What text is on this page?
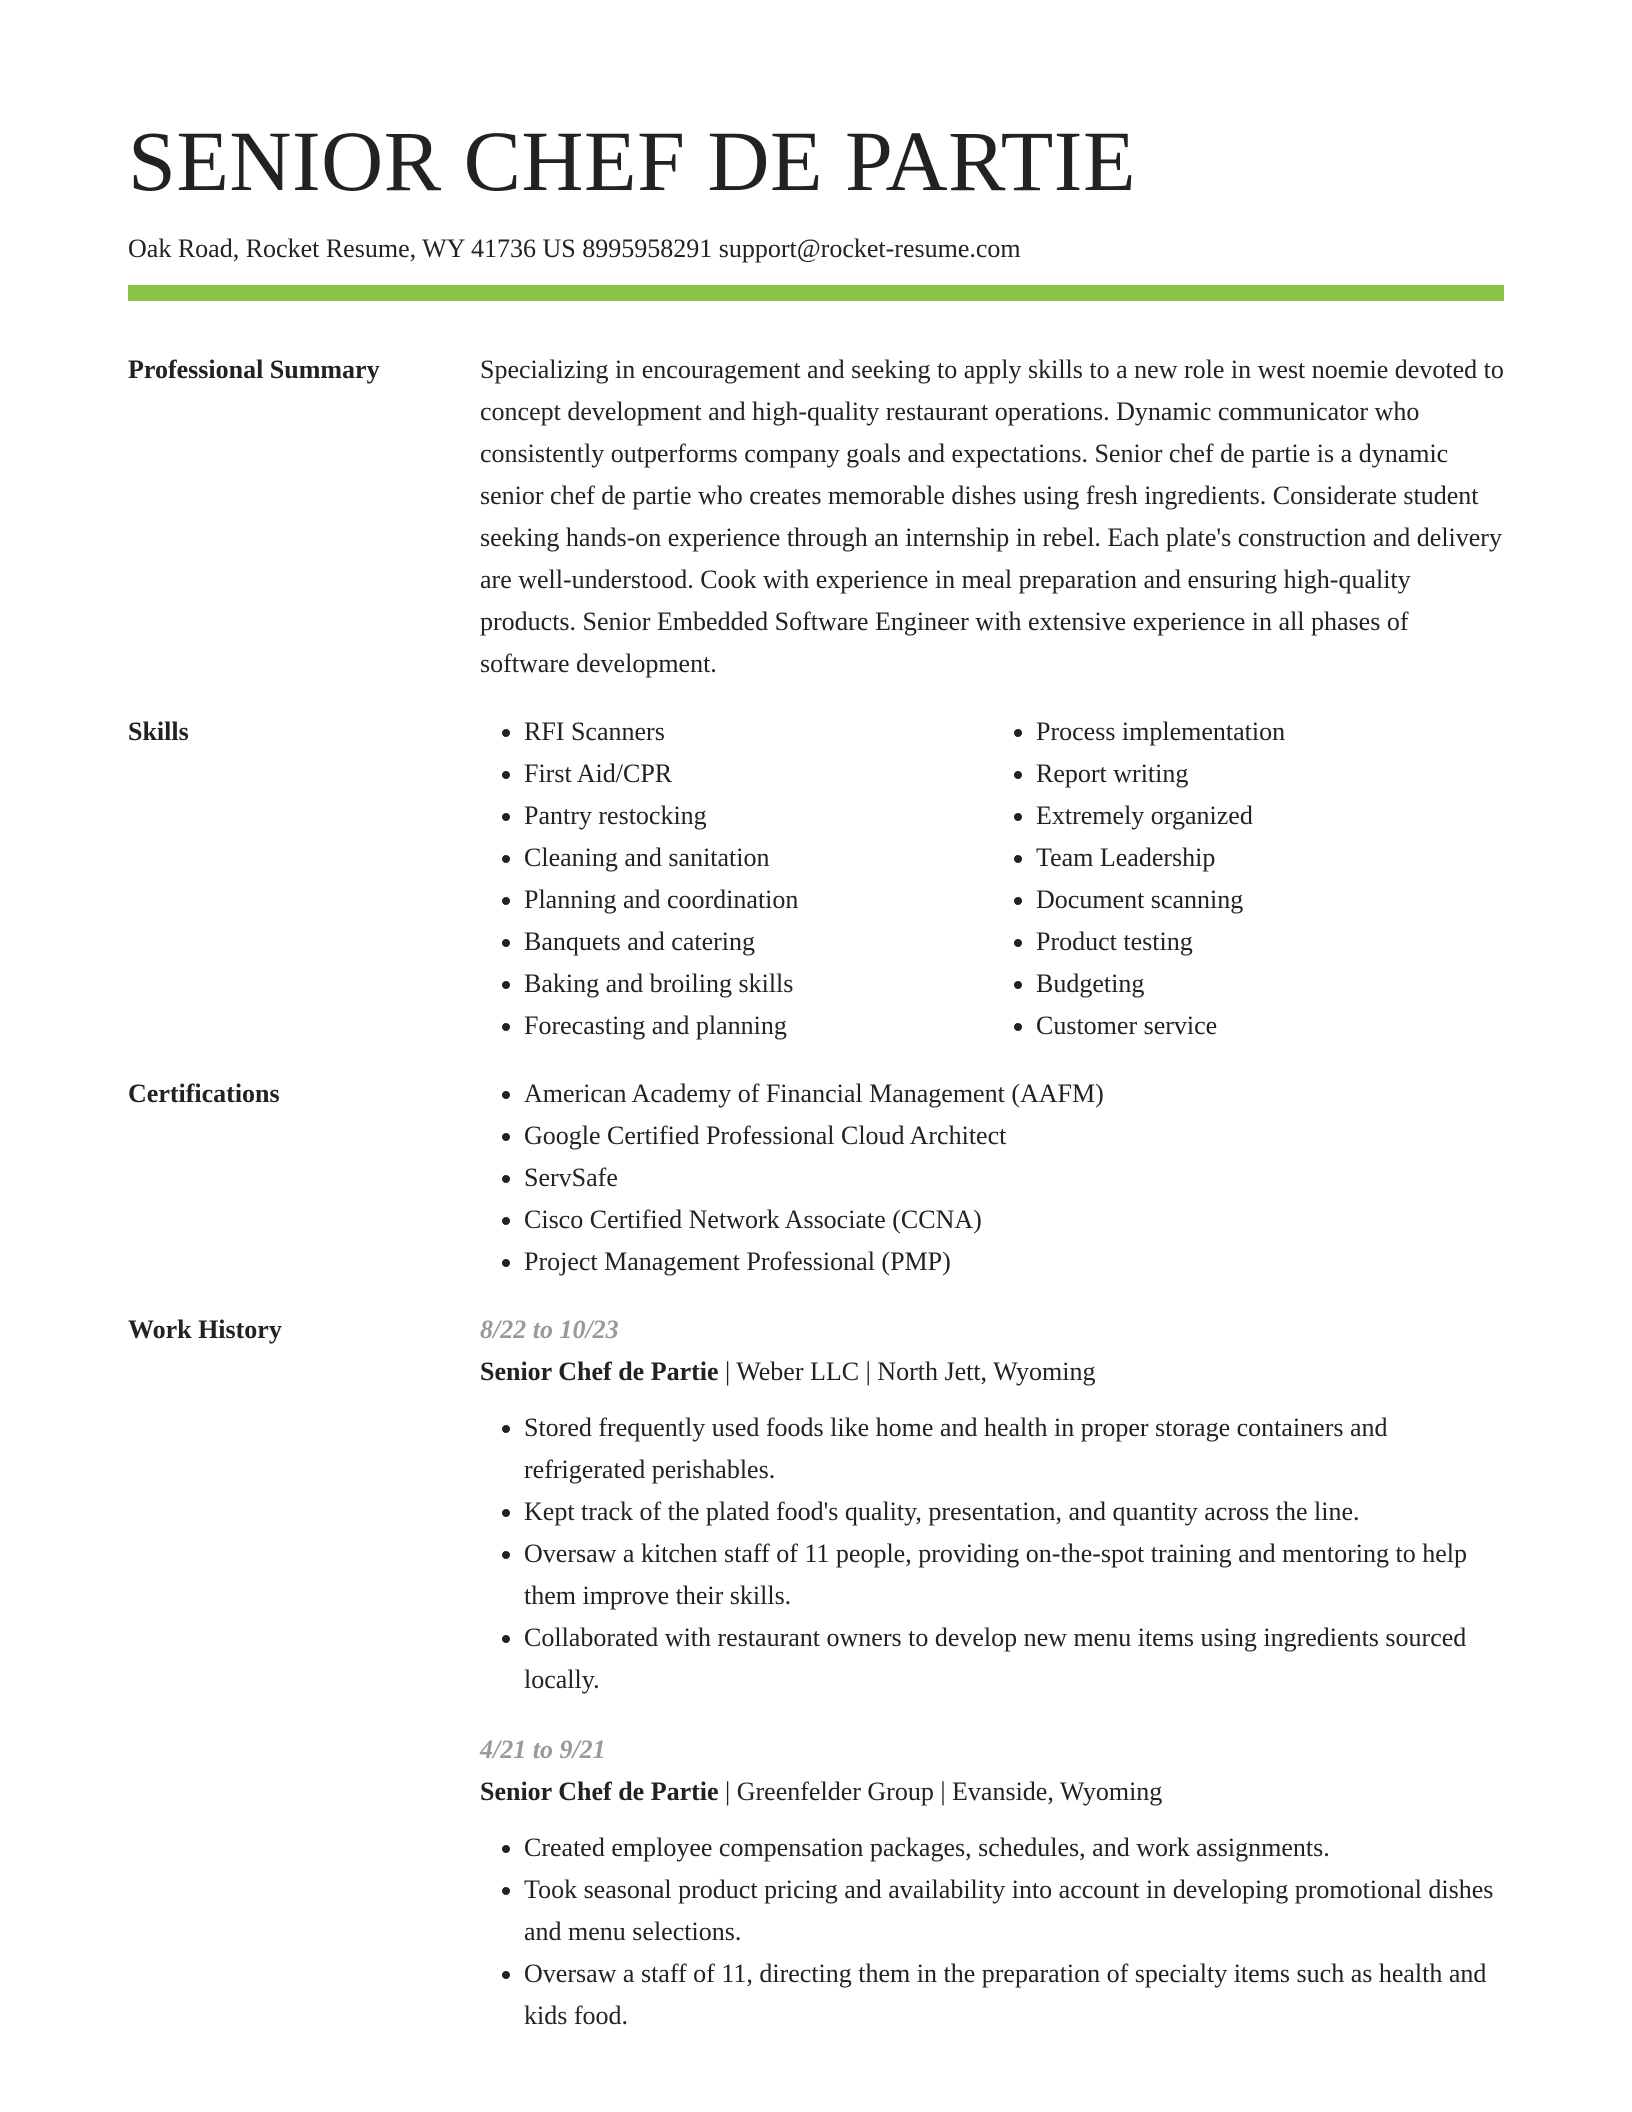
SENIOR CHEF DE PARTIE
Oak Road, Rocket Resume, WY 41736 US 8995958291 support@rocket-resume.com
Professional Summary	Specializing in encouragement and seeking to apply skills to a new role in west noemie devoted to concept development and high-quality restaurant operations. Dynamic communicator who consistently outperforms company goals and expectations. Senior chef de partie is a dynamic senior chef de partie who creates memorable dishes using fresh ingredients. Considerate student seeking hands-on experience through an internship in rebel. Each plate's construction and delivery are well-understood. Cook with experience in meal preparation and ensuring high-quality products. Senior Embedded Software Engineer with extensive experience in all phases of software development.

Skills	• RFI Scanners
• First Aid/CPR
• Pantry restocking
• Cleaning and sanitation
• Planning and coordination
• Banquets and catering
• Baking and broiling skills
• Forecasting and planning
• Process implementation
• Report writing
• Extremely organized
• Team Leadership
• Document scanning
• Product testing
• Budgeting
• Customer service
Certifications	• American Academy of Financial Management (AAFM)
• Google Certified Professional Cloud Architect
• ServSafe
• Cisco Certified Network Associate (CCNA)
• Project Management Professional (PMP)
Work History	8/22 to 10/23
Senior Chef de Partie | Weber LLC | North Jett, Wyoming
• Stored frequently used foods like home and health in proper storage containers and refrigerated perishables.
• Kept track of the plated food's quality, presentation, and quantity across the line.
• Oversaw a kitchen staff of 11 people, providing on-the-spot training and mentoring to help them improve their skills.
• Collaborated with restaurant owners to develop new menu items using ingredients sourced locally.
4/21 to 9/21
Senior Chef de Partie | Greenfelder Group | Evanside, Wyoming
• Created employee compensation packages, schedules, and work assignments.
• Took seasonal product pricing and availability into account in developing promotional dishes and menu selections.
• Oversaw a staff of 11, directing them in the preparation of specialty items such as health and kids food.
